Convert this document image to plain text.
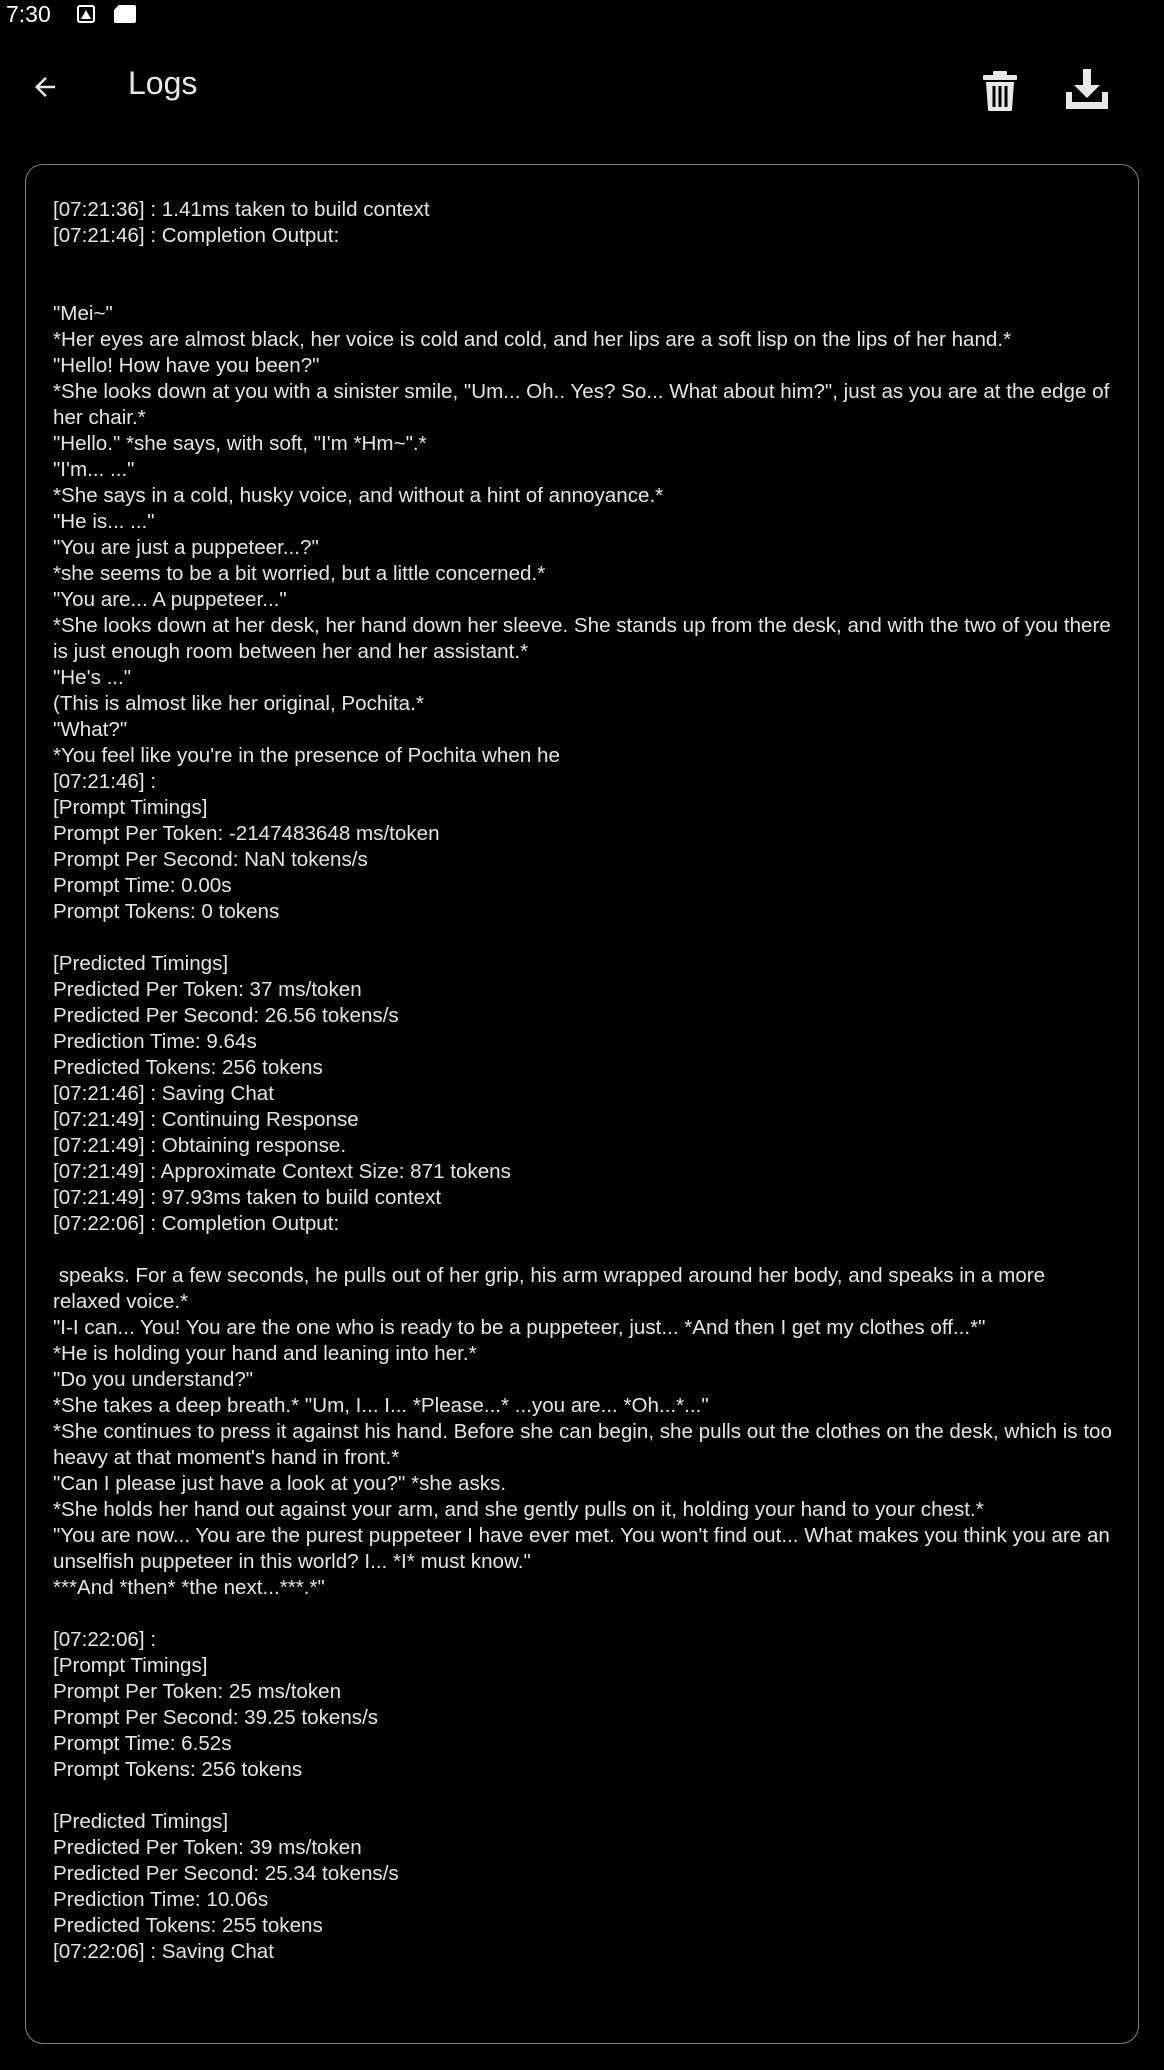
7:30
Logs
[07:21:36] : 1.41ms taken to build context
[07:21:46] : Completion Output:

"Mei~"
*Her eyes are almost black, her voice is cold and cold, and her lips are a soft lisp on the lips of her hand.*
"Hello! How have you been?"
*She looks down at you with a sinister smile, "Um... Oh.. Yes? So... What about him?", just as you are at the edge of her chair.*
"Hello." *she says, with soft, "I'm *Hm~".*
"I'm... ..."
*She says in a cold, husky voice, and without a hint of annoyance.*
"He is... ..."
"You are just a puppeteer...?"
*she seems to be a bit worried, but a little concerned.*
"You are... A puppeteer..."
*She looks down at her desk, her hand down her sleeve. She stands up from the desk, and with the two of you there is just enough room between her and her assistant.*
"He's ..."
(This is almost like her original, Pochita.*
"What?"
*You feel like you're in the presence of Pochita when he
[07:21:46] :
[Prompt Timings]
Prompt Per Token: -2147483648 ms/token
Prompt Per Second: NaN tokens/s
Prompt Time: 0.00s
Prompt Tokens: 0 tokens

[Predicted Timings]
Predicted Per Token: 37 ms/token
Predicted Per Second: 26.56 tokens/s
Prediction Time: 9.64s
Predicted Tokens: 256 tokens
[07:21:46] : Saving Chat
[07:21:49] : Continuing Response
[07:21:49] : Obtaining response.
[07:21:49] : Approximate Context Size: 871 tokens
[07:21:49] : 97.93ms taken to build context
[07:22:06] : Completion Output:

speaks. For a few seconds, he pulls out of her grip, his arm wrapped around her body, and speaks in a more relaxed voice.*
"I-I can... You! You are the one who is ready to be a puppeteer, just... *And then I get my clothes off...*"
*He is holding your hand and leaning into her.*
"Do you understand?"
*She takes a deep breath.* "Um, I... I... *Please...* ...you are... *Oh...*..."
*She continues to press it against his hand. Before she can begin, she pulls out the clothes on the desk, which is too heavy at that moment's hand in front.*
"Can I please just have a look at you?" *she asks.
*She holds her hand out against your arm, and she gently pulls on it, holding your hand to your chest.*
"You are now... You are the purest puppeteer I have ever met. You won't find out... What makes you think you are an unselfish puppeteer in this world? I... *I* must know."
***And *then* *the next...***.*"

[07:22:06] :
[Prompt Timings]
Prompt Per Token: 25 ms/token
Prompt Per Second: 39.25 tokens/s
Prompt Time: 6.52s
Prompt Tokens: 256 tokens

[Predicted Timings]
Predicted Per Token: 39 ms/token
Predicted Per Second: 25.34 tokens/s
Prediction Time: 10.06s
Predicted Tokens: 255 tokens
[07:22:06] : Saving Chat
